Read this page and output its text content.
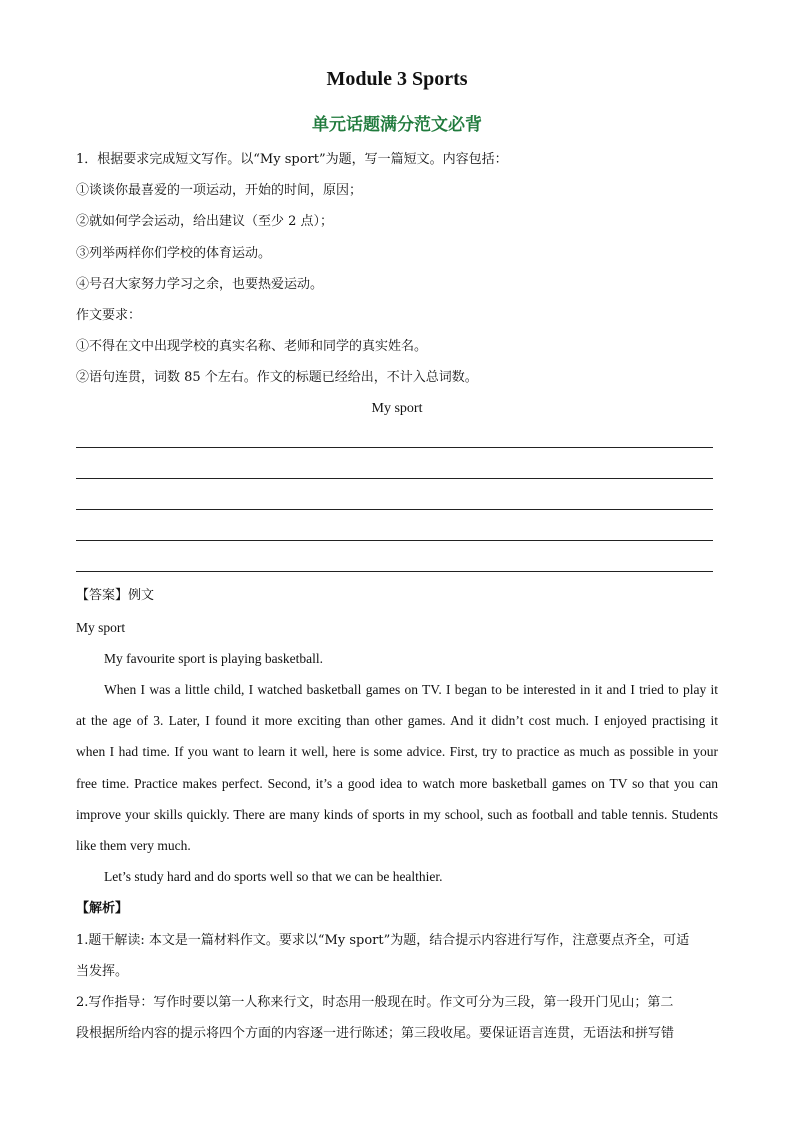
Module 3 Sports
单元话题满分范文必背
1．根据要求完成短文写作。以“My sport”为题，写一篇短文。内容包括：
①谈谈你最喜爱的一项运动，开始的时间，原因；
②就如何学会运动，给出建议（至少 2 点）；
③列举两样你们学校的体育运动。
④号召大家努力学习之余，也要热爱运动。
作文要求：
①不得在文中出现学校的真实名称、老师和同学的真实姓名。
②语句连贯，词数 85 个左右。作文的标题已经给出，不计入总词数。
My sport
【答案】例文
My sport
My favourite sport is playing basketball.
When I was a little child, I watched basketball games on TV. I began to be interested in it and I tried to play it
at the age of 3. Later, I found it more exciting than other games. And it didn’t cost much. I enjoyed practising it
when I had time. If you want to learn it well, here is some advice. First, try to practice as much as possible in your
free time. Practice makes perfect. Second, it’s a good idea to watch more basketball games on TV so that you can
improve your skills quickly. There are many kinds of sports in my school, such as football and table tennis. Students
like them very much.
Let’s study hard and do sports well so that we can be healthier.
【解析】
1.题干解读: 本文是一篇材料作文。要求以“My sport”为题，结合提示内容进行写作，注意要点齐全，可适
当发挥。
2.写作指导：写作时要以第一人称来行文，时态用一般现在时。作文可分为三段，第一段开门见山；第二
段根据所给内容的提示将四个方面的内容逐一进行陈述；第三段收尾。要保证语言连贯，无语法和拼写错
